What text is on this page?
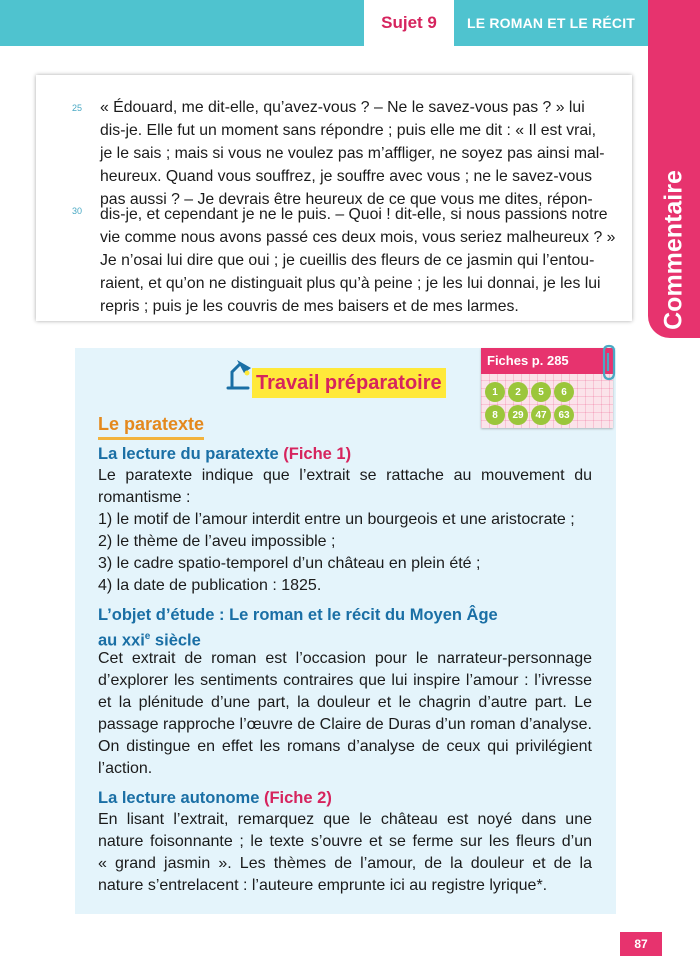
Sujet 9	LE ROMAN ET LE RÉCIT
Commentaire
25
30
« Édouard, me dit-elle, qu’avez-vous ? – Ne le savez-vous pas ? » lui
dis-je. Elle fut un moment sans répondre ; puis elle me dit : « Il est vrai,
je le sais ; mais si vous ne voulez pas m’affliger, ne soyez pas ainsi mal-
heureux. Quand vous souffrez, je souffre avec vous ; ne le savez-vous
pas aussi ? – Je devrais être heureux de ce que vous me dites, répon-
dis-je, et cependant je ne le puis. – Quoi ! dit-elle, si nous passions notre
vie comme nous avons passé ces deux mois, vous seriez malheureux ? »
Je n’osai lui dire que oui ; je cueillis des fleurs de ce jasmin qui l’entou-
raient, et qu’on ne distinguait plus qu’à peine ; je les lui donnai, je les lui
repris ; puis je les couvris de mes baisers et de mes larmes.
Travail préparatoire
Fiches p. 285
1	2	5	6
8	29	47	63
Le paratexte
La lecture du paratexte (Fiche 1)
Le paratexte indique que l’extrait se rattache au mouvement du
romantisme :
1) le motif de l’amour interdit entre un bourgeois et une aristocrate ;
2) le thème de l’aveu impossible ;
3) le cadre spatio-temporel d’un château en plein été ;
4) la date de publication : 1825.
L’objet d’étude : Le roman et le récit du Moyen Âge
au xxi$^e$ siècle
Cet extrait de roman est l’occasion pour le narrateur-personnage
d’explorer les sentiments contraires que lui inspire l’amour : l’ivresse
et la plénitude d’une part, la douleur et le chagrin d’autre part. Le
passage rapproche l’œuvre de Claire de Duras d’un roman d’analyse.
On distingue en effet les romans d’analyse de ceux qui privilégient
l’action.
La lecture autonome (Fiche 2)
En lisant l’extrait, remarquez que le château est noyé dans une
nature foisonnante ; le texte s’ouvre et se ferme sur les fleurs d’un
« grand jasmin ». Les thèmes de l’amour, de la douleur et de la
nature s’entrelacent : l’auteure emprunte ici au registre lyrique*.
87
